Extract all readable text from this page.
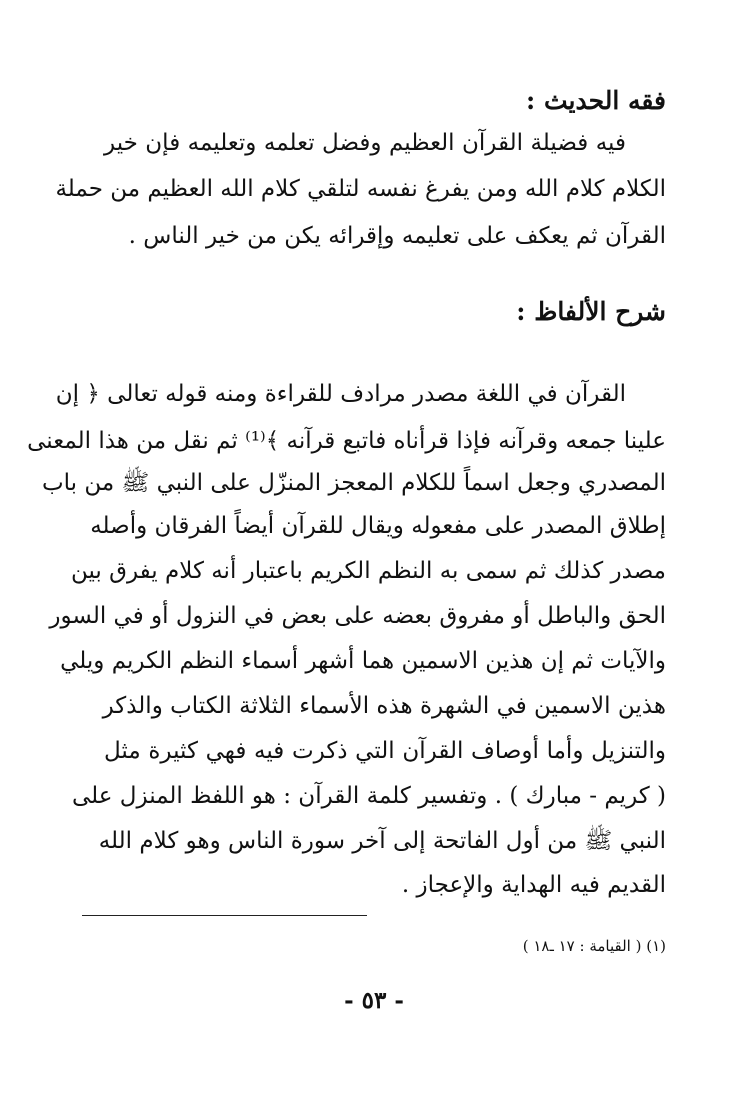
فقه الحديث :
فيه فضيلة القرآن العظيم وفضل تعلمه وتعليمه فإن خير
الكلام كلام الله ومن يفرغ نفسه لتلقي كلام الله العظيم من حملة
القرآن ثم يعكف على تعليمه وإقرائه يكن من خير الناس .
شرح الألفاظ :
القرآن في اللغة مصدر مرادف للقراءة ومنه قوله تعالى ﴿ إن
علينا جمعه وقرآنه فإذا قرأناه فاتبع قرآنه ﴾⁽¹⁾ ثم نقل من هذا المعنى
المصدري وجعل اسماً للكلام المعجز المنزّل على النبي ﷺ من باب
إطلاق المصدر على مفعوله ويقال للقرآن أيضاً الفرقان وأصله
مصدر كذلك ثم سمى به النظم الكريم باعتبار أنه كلام يفرق بين
الحق والباطل أو مفروق بعضه على بعض في النزول أو في السور
والآيات ثم إن هذين الاسمين هما أشهر أسماء النظم الكريم ويلي
هذين الاسمين في الشهرة هذه الأسماء الثلاثة الكتاب والذكر
والتنزيل وأما أوصاف القرآن التي ذكرت فيه فهي كثيرة مثل
( كريم - مبارك ) . وتفسير كلمة القرآن : هو اللفظ المنزل على
النبي ﷺ من أول الفاتحة إلى آخر سورة الناس وهو كلام الله
القديم فيه الهداية والإعجاز .
(١) ( القيامة : ١٧ ـ١٨ )
- ٥٣ -
